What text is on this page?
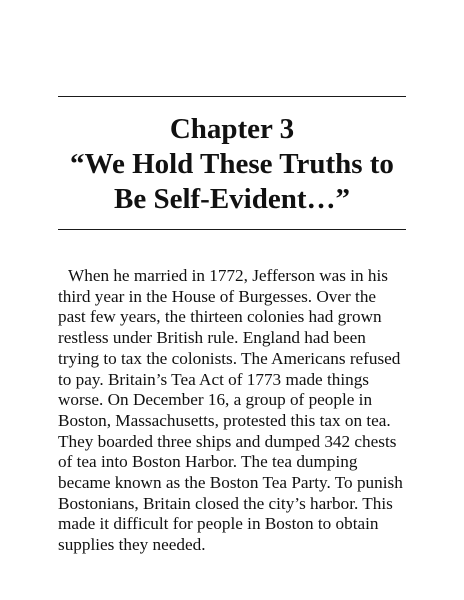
Chapter 3
“We Hold These Truths to
Be Self-Evident…”
When he married in 1772, Jefferson was in his
third year in the House of Burgesses. Over the
past few years, the thirteen colonies had grown
restless under British rule. England had been
trying to tax the colonists. The Americans refused
to pay. Britain’s Tea Act of 1773 made things
worse. On December 16, a group of people in
Boston, Massachusetts, protested this tax on tea.
They boarded three ships and dumped 342 chests
of tea into Boston Harbor. The tea dumping
became known as the Boston Tea Party. To punish
Bostonians, Britain closed the city’s harbor. This
made it difficult for people in Boston to obtain
supplies they needed.
